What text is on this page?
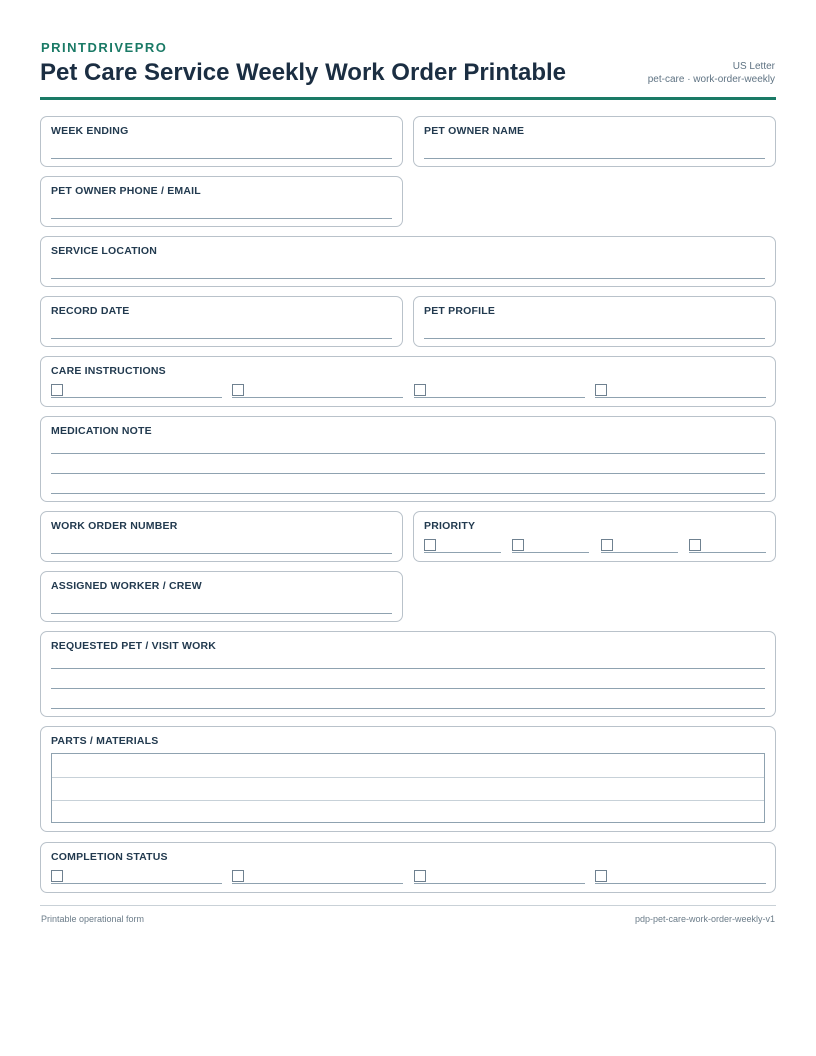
PRINTDRIVEPRO
Pet Care Service Weekly Work Order Printable	US Letter
pet-care · work-order-weekly
WEEK ENDING	PET OWNER NAME
PET OWNER PHONE / EMAIL
SERVICE LOCATION
RECORD DATE	PET PROFILE
CARE INSTRUCTIONS
MEDICATION NOTE
WORK ORDER NUMBER	PRIORITY
ASSIGNED WORKER / CREW
REQUESTED PET / VISIT WORK
PARTS / MATERIALS
COMPLETION STATUS
Printable operational form	pdp-pet-care-work-order-weekly-v1
